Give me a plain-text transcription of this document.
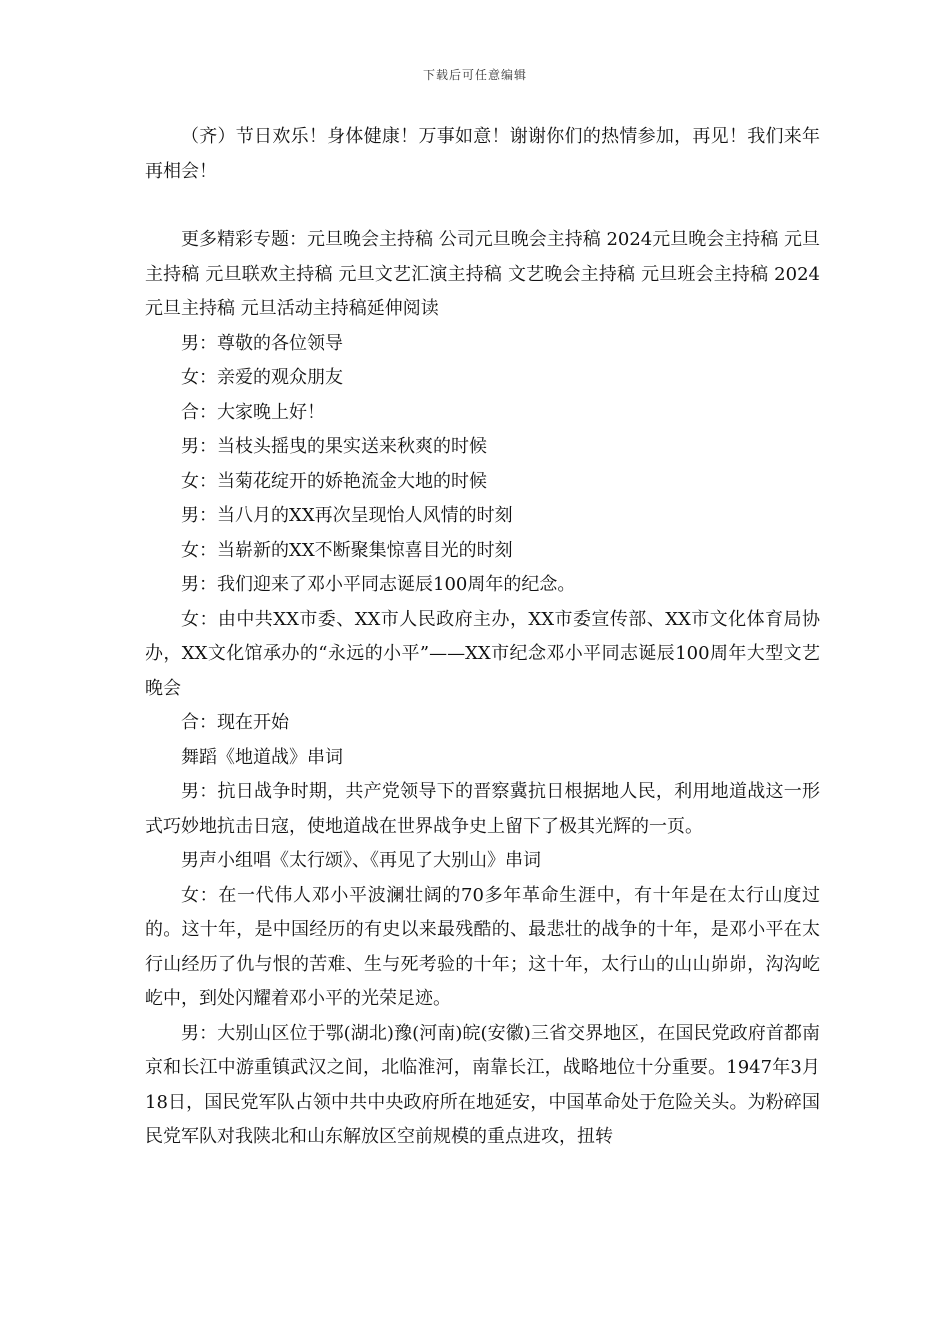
下载后可任意编辑

（齐）节日欢乐！身体健康！万事如意！谢谢你们的热情参加，再见！我们来年再相会！

更多精彩专题：元旦晚会主持稿 公司元旦晚会主持稿 2024元旦晚会主持稿 元旦主持稿 元旦联欢主持稿 元旦文艺汇演主持稿 文艺晚会主持稿 元旦班会主持稿 2024元旦主持稿 元旦活动主持稿延伸阅读

男：尊敬的各位领导

女：亲爱的观众朋友

合：大家晚上好！

男：当枝头摇曳的果实送来秋爽的时候

女：当菊花绽开的娇艳流金大地的时候

男：当八月的XX再次呈现怡人风情的时刻

女：当崭新的XX不断聚集惊喜目光的时刻

男：我们迎来了邓小平同志诞辰100周年的纪念。

女：由中共XX市委、XX市人民政府主办，XX市委宣传部、XX市文化体育局协办，XX文化馆承办的“永远的小平”——XX市纪念邓小平同志诞辰100周年大型文艺晚会

合：现在开始

舞蹈《地道战》串词

男：抗日战争时期，共产党领导下的晋察冀抗日根据地人民，利用地道战这一形式巧妙地抗击日寇，使地道战在世界战争史上留下了极其光辉的一页。

男声小组唱《太行颂》、《再见了大别山》串词

女：在一代伟人邓小平波澜壮阔的70多年革命生涯中，有十年是在太行山度过的。这十年，是中国经历的有史以来最残酷的、最悲壮的战争的十年，是邓小平在太行山经历了仇与恨的苦难、生与死考验的十年；这十年，太行山的山山峁峁，沟沟屹屹中，到处闪耀着邓小平的光荣足迹。

男：大别山区位于鄂(湖北)豫(河南)皖(安徽)三省交界地区，在国民党政府首都南京和长江中游重镇武汉之间，北临淮河，南靠长江，战略地位十分重要。1947年3月18日，国民党军队占领中共中央政府所在地延安，中国革命处于危险关头。为粉碎国民党军队对我陕北和山东解放区空前规模的重点进攻，扭转
